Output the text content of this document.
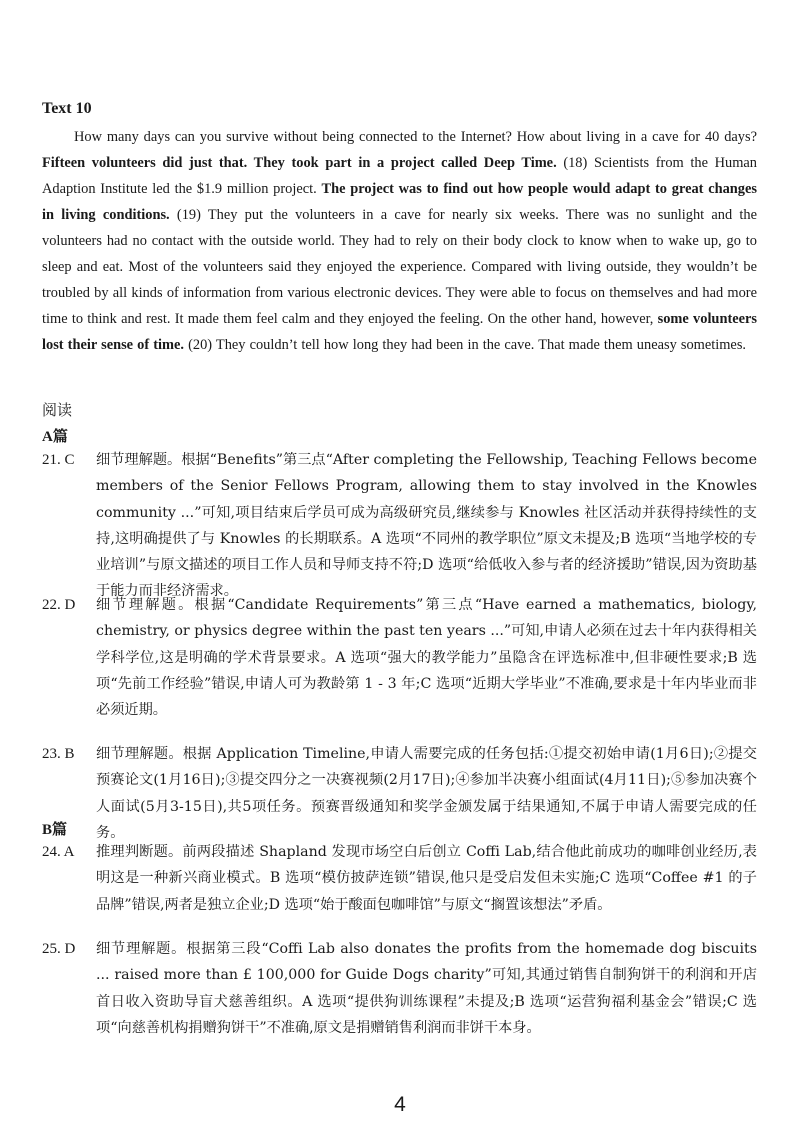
Text 10

How many days can you survive without being connected to the Internet? How about living in a cave for 40 days? Fifteen volunteers did just that. They took part in a project called Deep Time. (18) Scientists from the Human Adaption Institute led the $1.9 million project. The project was to find out how people would adapt to great changes in living conditions. (19) They put the volunteers in a cave for nearly six weeks. There was no sunlight and the volunteers had no contact with the outside world. They had to rely on their body clock to know when to wake up, go to sleep and eat. Most of the volunteers said they enjoyed the experience. Compared with living outside, they wouldn’t be troubled by all kinds of information from various electronic devices. They were able to focus on themselves and had more time to think and rest. It made them feel calm and they enjoyed the feeling. On the other hand, however, some volunteers lost their sense of time. (20) They couldn’t tell how long they had been in the cave. That made them uneasy sometimes.

阅读
A篇
21. C	细节理解题。根据“Benefits”第三点“After completing the Fellowship, Teaching Fellows become members of the Senior Fellows Program, allowing them to stay involved in the Knowles community ...”可知,项目结束后学员可成为高级研究员,继续参与 Knowles 社区活动并获得持续性的支持,这明确提供了与 Knowles 的长期联系。A 选项“不同州的教学职位”原文未提及;B 选项“当地学校的专业培训”与原文描述的项目工作人员和导师支持不符;D 选项“给低收入参与者的经济援助”错误,因为资助基于能力而非经济需求。
22. D	细节理解题。根据“Candidate Requirements”第三点“Have earned a mathematics, biology, chemistry, or physics degree within the past ten years ...”可知,申请人必须在过去十年内获得相关学科学位,这是明确的学术背景要求。A 选项“强大的教学能力”虽隐含在评选标准中,但非硬性要求;B 选项“先前工作经验”错误,申请人可为教龄第 1 - 3 年;C 选项“近期大学毕业”不准确,要求是十年内毕业而非必须近期。
23. B	细节理解题。根据 Application Timeline,申请人需要完成的任务包括:①提交初始申请(1月6日);②提交预赛论文(1月16日);③提交四分之一决赛视频(2月17日);④参加半决赛小组面试(4月11日);⑤参加决赛个人面试(5月3-15日),共5项任务。预赛晋级通知和奖学金颁发属于结果通知,不属于申请人需要完成的任务。
B篇
24. A	推理判断题。前两段描述 Shapland 发现市场空白后创立 Coffi Lab,结合他此前成功的咖啡创业经历,表明这是一种新兴商业模式。B 选项“模仿披萨连锁”错误,他只是受启发但未实施;C 选项“Coffee #1 的子品牌”错误,两者是独立企业;D 选项“始于酸面包咖啡馆”与原文“搁置该想法”矛盾。
25. D	细节理解题。根据第三段“Coffi Lab also donates the profits from the homemade dog biscuits ... raised more than £ 100,000 for Guide Dogs charity”可知,其通过销售自制狗饼干的利润和开店首日收入资助导盲犬慈善组织。A 选项“提供狗训练课程”未提及;B 选项“运营狗福利基金会”错误;C 选项“向慈善机构捐赠狗饼干”不准确,原文是捐赠销售利润而非饼干本身。
4
